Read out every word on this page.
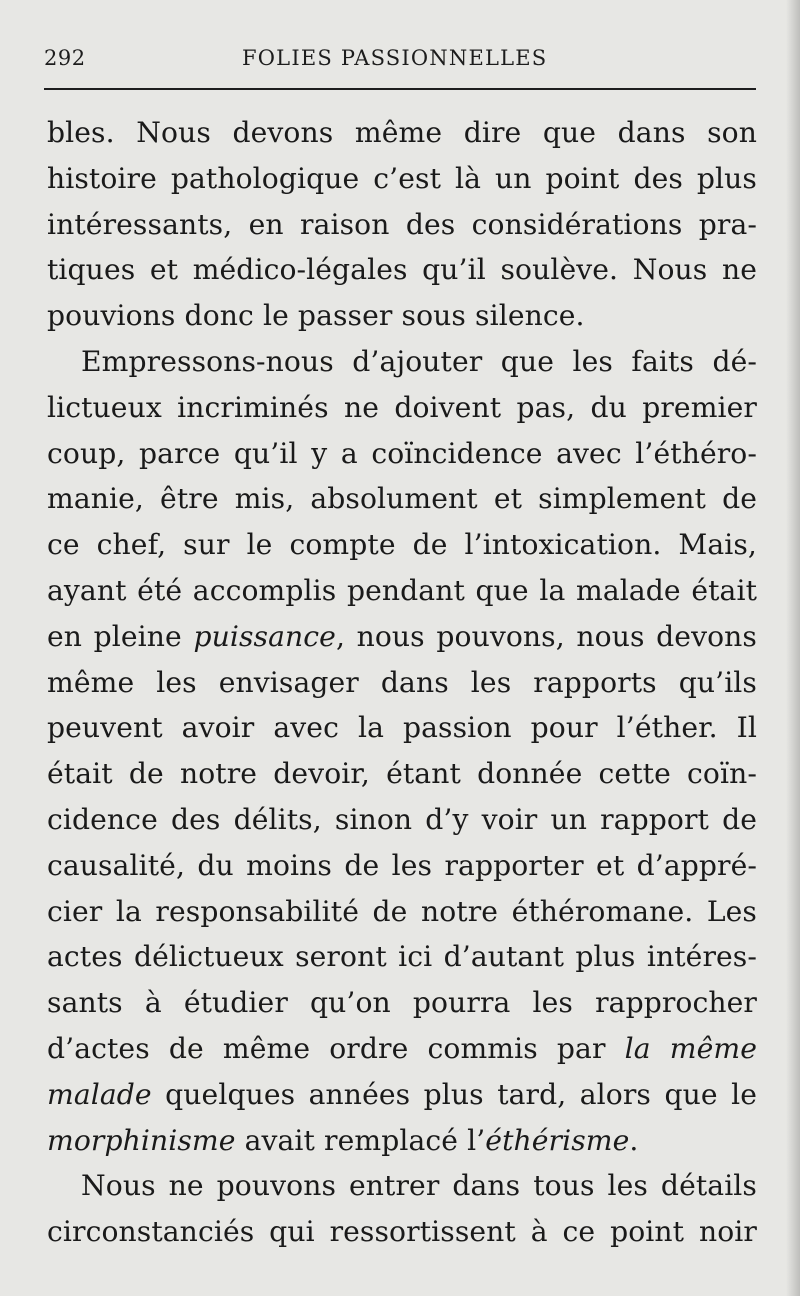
292	FOLIES PASSIONNELLES
bles. Nous devons même dire que dans son
histoire pathologique c’est là un point des plus
intéressants, en raison des considérations pra-
tiques et médico-légales qu’il soulève. Nous ne
pouvions donc le passer sous silence.
Empressons-nous d’ajouter que les faits dé-
lictueux incriminés ne doivent pas, du premier
coup, parce qu’il y a coïncidence avec l’éthéro-
manie, être mis, absolument et simplement de
ce chef, sur le compte de l’intoxication. Mais,
ayant été accomplis pendant que la malade était
en pleine puissance, nous pouvons, nous devons
même les envisager dans les rapports qu’ils
peuvent avoir avec la passion pour l’éther. Il
était de notre devoir, étant donnée cette coïn-
cidence des délits, sinon d’y voir un rapport de
causalité, du moins de les rapporter et d’appré-
cier la responsabilité de notre éthéromane. Les
actes délictueux seront ici d’autant plus intéres-
sants à étudier qu’on pourra les rapprocher
d’actes de même ordre commis par la même
malade quelques années plus tard, alors que le
morphinisme avait remplacé l’éthérisme.
Nous ne pouvons entrer dans tous les détails
circonstanciés qui ressortissent à ce point noir
